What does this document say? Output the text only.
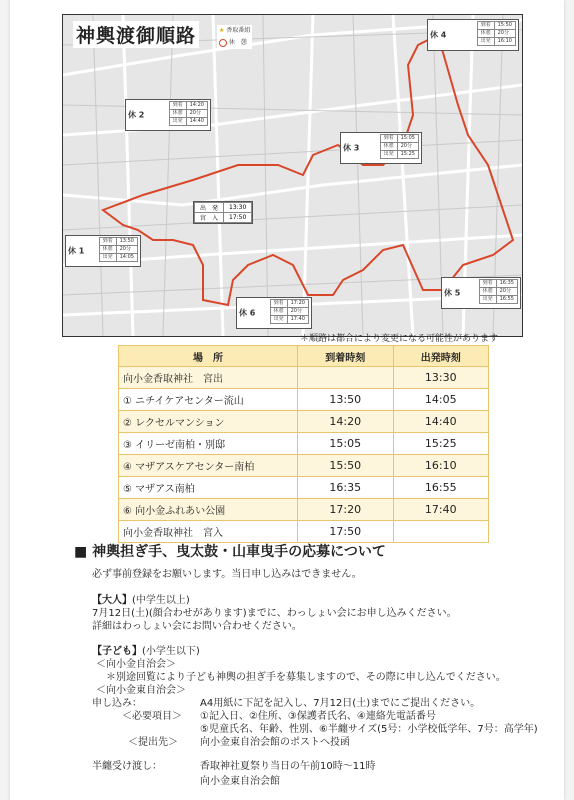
神輿渡御順路	★ 香取番組
休　憩
休 4
到着	15:50
休憩	20分
出発	16:10
休 2
到着	14:20
休憩	20分
出発	14:40
休 3
到着	15:05
休憩	20分
出発	15:25
出　発	13:30
宮　入	17:50
休 1
到着	13:50
休憩	20分
出発	14:05
休 5
到着	16:35
休憩	20分
出発	16:55
休 6
到着	17:20
休憩	20分
出発	17:40
＊順路は都合により変更になる可能性があります
場　所	到着時刻	出発時刻
向小金香取神社　宮出		13:30
① ニチイケアセンター流山	13:50	14:05
② レクセルマンション	14:20	14:40
③ イリーゼ南柏・別邸	15:05	15:25
④ マザアスケアセンター南柏	15:50	16:10
⑤ マザアス南柏	16:35	16:55
⑥ 向小金ふれあい公園	17:20	17:40
向小金香取神社　宮入	17:50	
■ 神輿担ぎ手、曳太鼓・山車曳手の応募について
必ず事前登録をお願いします。当日申し込みはできません。
【大人】(中学生以上)
7月12日(土)(顔合わせがあります)までに、わっしょい会にお申し込みください。
詳細はわっしょい会にお問い合わせください。
【子ども】(小学生以下)
＜向小金自治会＞
＊別途回覧により子ども神輿の担ぎ手を募集しますので、その際に申し込んでください。
＜向小金東自治会＞
申し込み：	A4用紙に下記を記入し、7月12日(土)までにご提出ください。
＜必要項目＞ ①記入日、②住所、③保護者氏名、④連絡先電話番号
⑤児童氏名、年齢、性別、⑥半纏サイズ(5号：小学校低学年、7号：高学年)
＜提出先＞ 向小金東自治会館のポストへ投函
半纏受け渡し：	香取神社夏祭り当日の午前10時～11時
向小金東自治会館
